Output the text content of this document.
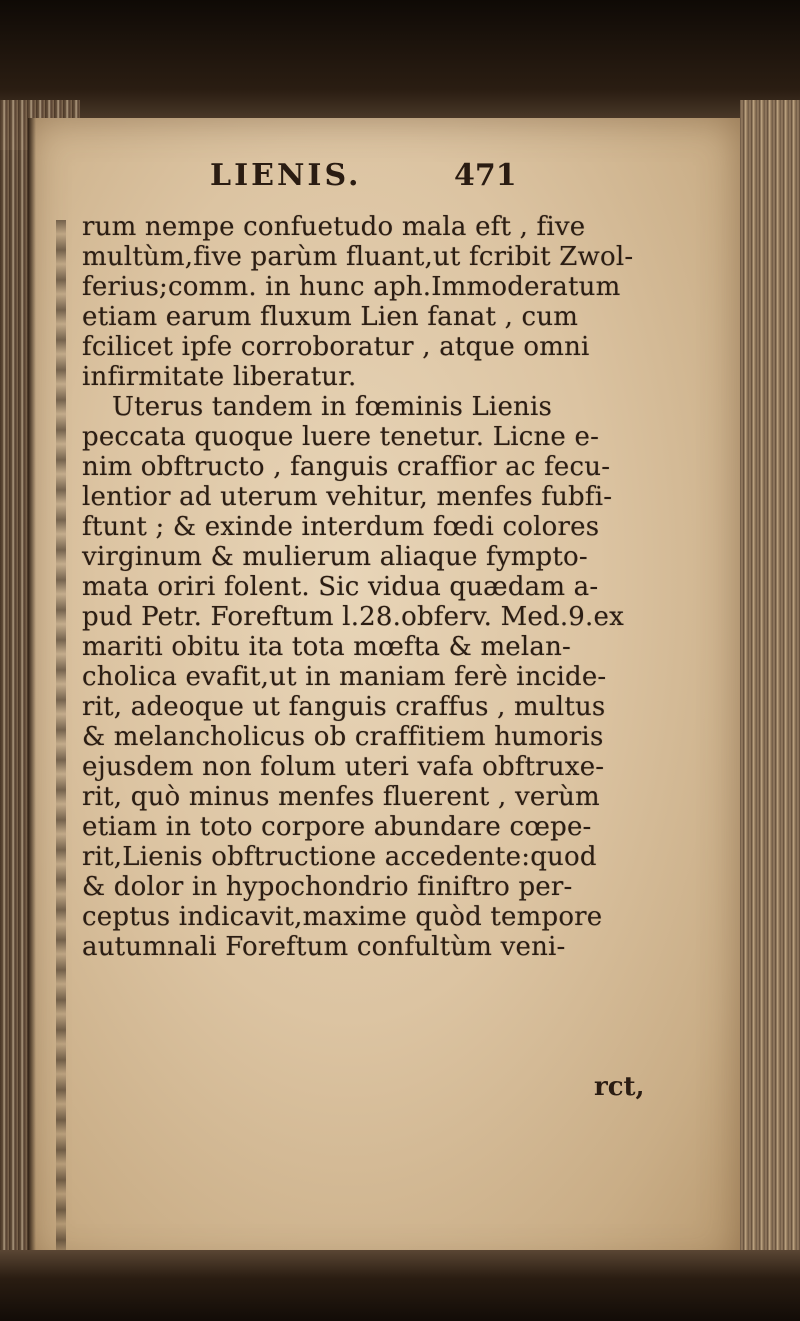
LIENIS.	471
rum nempe confuetudo mala eft , five
multùm,five parùm fluant,ut fcribit Zwol-
ferius;comm. in hunc aph.Immoderatum
etiam earum fluxum Lien fanat , cum
fcilicet ipfe corroboratur , atque omni
infirmitate liberatur.
Uterus tandem in fœminis Lienis
peccata quoque luere tenetur. Licne e-
nim obftructo , fanguis craffior ac fecu-
lentior ad uterum vehitur, menfes fubfi-
ftunt ; & exinde interdum fœdi colores
virginum & mulierum aliaque fympto-
mata oriri folent. Sic vidua quædam a-
pud Petr. Foreftum l.28.obferv. Med.9.ex
mariti obitu ita tota mœfta & melan-
cholica evafit,ut in maniam ferè incide-
rit, adeoque ut fanguis craffus , multus
& melancholicus ob craffitiem humoris
ejusdem non folum uteri vafa obftruxe-
rit, quò minus menfes fluerent , verùm
etiam in toto corpore abundare cœpe-
rit,Lienis obftructione accedente:quod
& dolor in hypochondrio finiftro per-
ceptus indicavit,maxime quòd tempore
autumnali Foreftum confultùm veni-
rct,
